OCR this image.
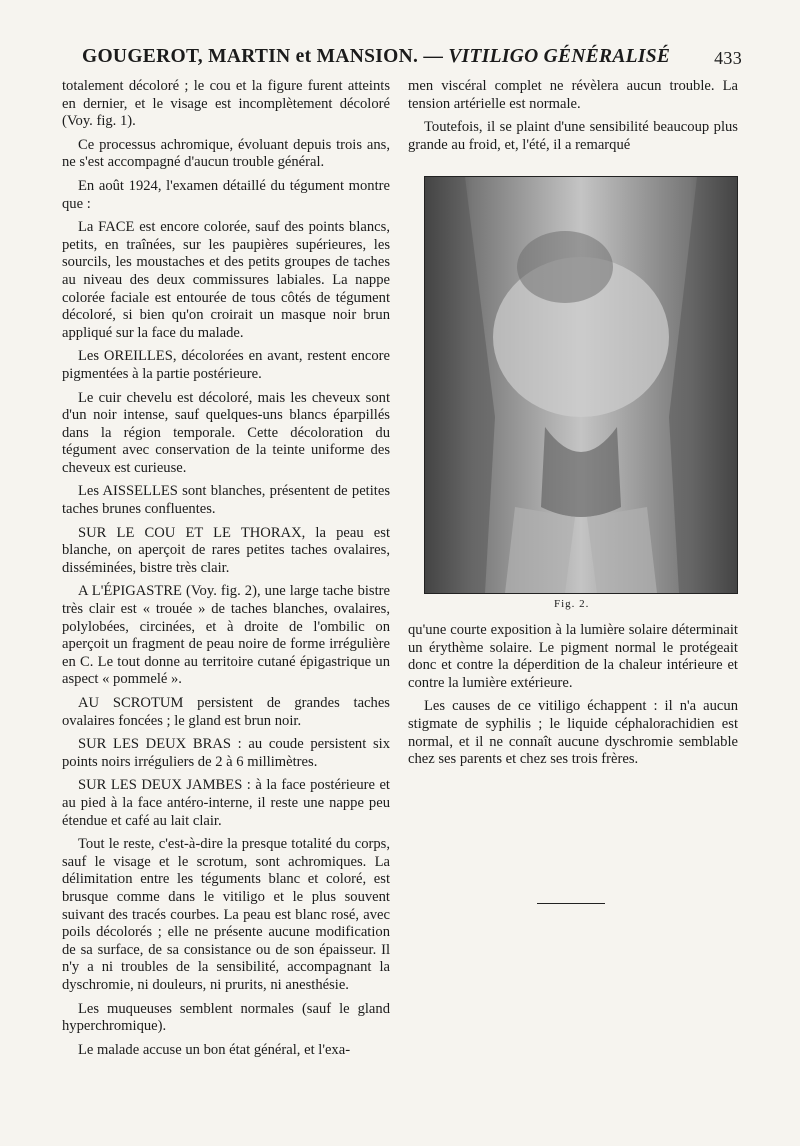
GOUGEROT, MARTIN et MANSION. — VITILIGO GÉNÉRALISÉ 433

totalement décoloré ; le cou et la figure furent atteints en dernier, et le visage est incomplètement décoloré (Voy. fig. 1).

Ce processus achromique, évoluant depuis trois ans, ne s'est accompagné d'aucun trouble général.

En août 1924, l'examen détaillé du tégument montre que :

La FACE est encore colorée, sauf des points blancs, petits, en traînées, sur les paupières supérieures, les sourcils, les moustaches et des petits groupes de taches au niveau des deux commissures labiales. La nappe colorée faciale est entourée de tous côtés de tégument décoloré, si bien qu'on croirait un masque noir brun appliqué sur la face du malade.

Les OREILLES, décolorées en avant, restent encore pigmentées à la partie postérieure.

Le cuir chevelu est décoloré, mais les cheveux sont d'un noir intense, sauf quelques-uns blancs éparpillés dans la région temporale. Cette décoloration du tégument avec conservation de la teinte uniforme des cheveux est curieuse.

Les AISSELLES sont blanches, présentent de petites taches brunes confluentes.

SUR LE COU ET LE THORAX, la peau est blanche, on aperçoit de rares petites taches ovalaires, disséminées, bistre très clair.

A L'ÉPIGASTRE (Voy. fig. 2), une large tache bistre très clair est « trouée » de taches blanches, ovalaires, polylobées, circinées, et à droite de l'ombilic on aperçoit un fragment de peau noire de forme irrégulière en C. Le tout donne au territoire cutané épigastrique un aspect « pommelé ».

AU SCROTUM persistent de grandes taches ovalaires foncées ; le gland est brun noir.

SUR LES DEUX BRAS : au coude persistent six points noirs irréguliers de 2 à 6 millimètres.

SUR LES DEUX JAMBES : à la face postérieure et au pied à la face antéro-interne, il reste une nappe peu étendue et café au lait clair.

Tout le reste, c'est-à-dire la presque totalité du corps, sauf le visage et le scrotum, sont achromiques. La délimitation entre les téguments blanc et coloré, est brusque comme dans le vitiligo et le plus souvent suivant des tracés courbes. La peau est blanc rosé, avec poils décolorés ; elle ne présente aucune modification de sa surface, de sa consistance ou de son épaisseur. Il n'y a ni troubles de la sensibilité, accompagnant la dyschromie, ni douleurs, ni prurits, ni anesthésie.

Les muqueuses semblent normales (sauf le gland hyperchromique).

Le malade accuse un bon état général, et l'exa-

men viscéral complet ne révèlera aucun trouble. La tension artérielle est normale.

Toutefois, il se plaint d'une sensibilité beaucoup plus grande au froid, et, l'été, il a remarqué

Fig. 2.

qu'une courte exposition à la lumière solaire déterminait un érythème solaire. Le pigment normal le protégeait donc et contre la déperdition de la chaleur intérieure et contre la lumière extérieure.

Les causes de ce vitiligo échappent : il n'a aucun stigmate de syphilis ; le liquide céphalorachidien est normal, et il ne connaît aucune dyschromie semblable chez ses parents et chez ses trois frères.
